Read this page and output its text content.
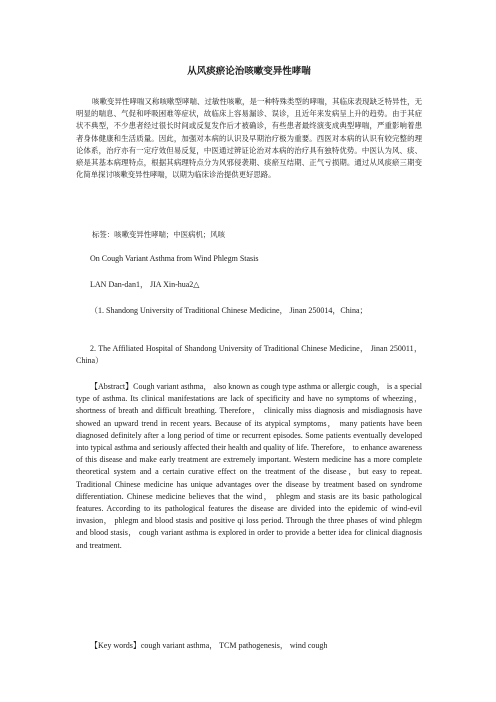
从风痰瘀论治咳嗽变异性哮喘

咳嗽变异性哮喘又称咳嗽型哮喘、过敏性咳嗽，是一种特殊类型的哮喘，其临床表现缺乏特异性，无明显的喘息、气促和呼吸困难等症状，故临床上容易漏诊、误诊，且近年来发病呈上升的趋势。由于其症状不典型，不少患者经过很长时间或反复发作后才被确诊，有些患者最终演变成典型哮喘，严重影响着患者身体健康和生活质量。因此，加强对本病的认识及早期治疗极为重要。西医对本病的认识有较完整的理论体系，治疗亦有一定疗效但易反复，中医通过辨证论治对本病的治疗具有独特优势。中医认为风、痰、瘀是其基本病理特点，根据其病理特点分为风邪侵袭期、痰瘀互结期、正气亏损期。通过从风痰瘀三期变化简单探讨咳嗽变异性哮喘，以期为临床诊治提供更好思路。

标签：咳嗽变异性哮喘；中医病机；风咳

On Cough Variant Asthma from Wind Phlegm Stasis

LAN Dan-dan1， JIA Xin-hua2△

（1. Shandong University of Traditional Chinese Medicine， Jinan 250014，China；

2. The Affiliated Hospital of Shandong University of Traditional Chinese Medicine， Jinan 250011， China）

【Abstract】Cough variant asthma， also known as cough type asthma or allergic cough， is a special type of asthma. Its clinical manifestations are lack of specificity and have no symptoms of wheezing， shortness of breath and difficult breathing. Therefore， clinically miss diagnosis and misdiagnosis have showed an upward trend in recent years. Because of its atypical symptoms， many patients have been diagnosed definitely after a long period of time or recurrent episodes. Some patients eventually developed into typical asthma and seriously affected their health and quality of life. Therefore， to enhance awareness of this disease and make early treatment are extremely important. Western medicine has a more complete theoretical system and a certain curative effect on the treatment of the disease，but easy to repeat. Traditional Chinese medicine has unique advantages over the disease by treatment based on syndrome differentiation. Chinese medicine believes that the wind， phlegm and stasis are its basic pathological features. According to its pathological features the disease are divided into the epidemic of wind-evil invasion， phlegm and blood stasis and positive qi loss period. Through the three phases of wind phlegm and blood stasis， cough variant asthma is explored in order to provide a better idea for clinical diagnosis and treatment.

【Key words】cough variant asthma， TCM pathogenesis， wind cough
